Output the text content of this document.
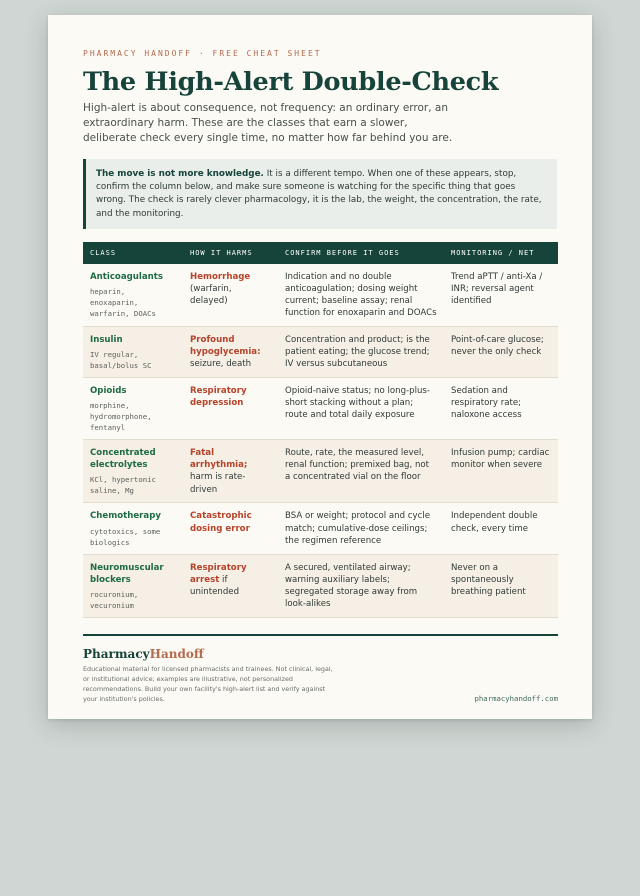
PHARMACY HANDOFF · FREE CHEAT SHEET
The High-Alert Double-Check

High-alert is about consequence, not frequency: an ordinary error, an extraordinary harm. These are the classes that earn a slower, deliberate check every single time, no matter how far behind you are.

The move is not more knowledge. It is a different tempo. When one of these appears, stop, confirm the column below, and make sure someone is watching for the specific thing that goes wrong. The check is rarely clever pharmacology, it is the lab, the weight, the concentration, the rate, and the monitoring.
CLASS	HOW IT HARMS	CONFIRM BEFORE IT GOES	MONITORING / NET

Anticoagulants
heparin, enoxaparin, warfarin, DOACs	Hemorrhage (warfarin, delayed)	Indication and no double anticoagulation; dosing weight current; baseline assay; renal function for enoxaparin and DOACs	Trend aPTT / anti-Xa / INR; reversal agent identified

Insulin
IV regular, basal/bolus SC	Profound hypoglycemia: seizure, death	Concentration and product; is the patient eating; the glucose trend; IV versus subcutaneous	Point-of-care glucose; never the only check

Opioids
morphine, hydromorphone, fentanyl	Respiratory depression	Opioid-naive status; no long-plus-short stacking without a plan; route and total daily exposure	Sedation and respiratory rate; naloxone access

Concentrated electrolytes
KCl, hypertonic saline, Mg	Fatal arrhythmia; harm is rate-driven	Route, rate, the measured level, renal function; premixed bag, not a concentrated vial on the floor	Infusion pump; cardiac monitor when severe

Chemotherapy
cytotoxics, some biologics	Catastrophic dosing error	BSA or weight; protocol and cycle match; cumulative-dose ceilings; the regimen reference	Independent double check, every time

Neuromuscular blockers
rocuronium, vecuronium	Respiratory arrest if unintended	A secured, ventilated airway; warning auxiliary labels; segregated storage away from look-alikes	Never on a spontaneously breathing patient
PharmacyHandoff

Educational material for licensed pharmacists and trainees. Not clinical, legal, or institutional advice; examples are illustrative, not personalized recommendations. Build your own facility's high-alert list and verify against your institution's policies.	pharmacyhandoff.com
